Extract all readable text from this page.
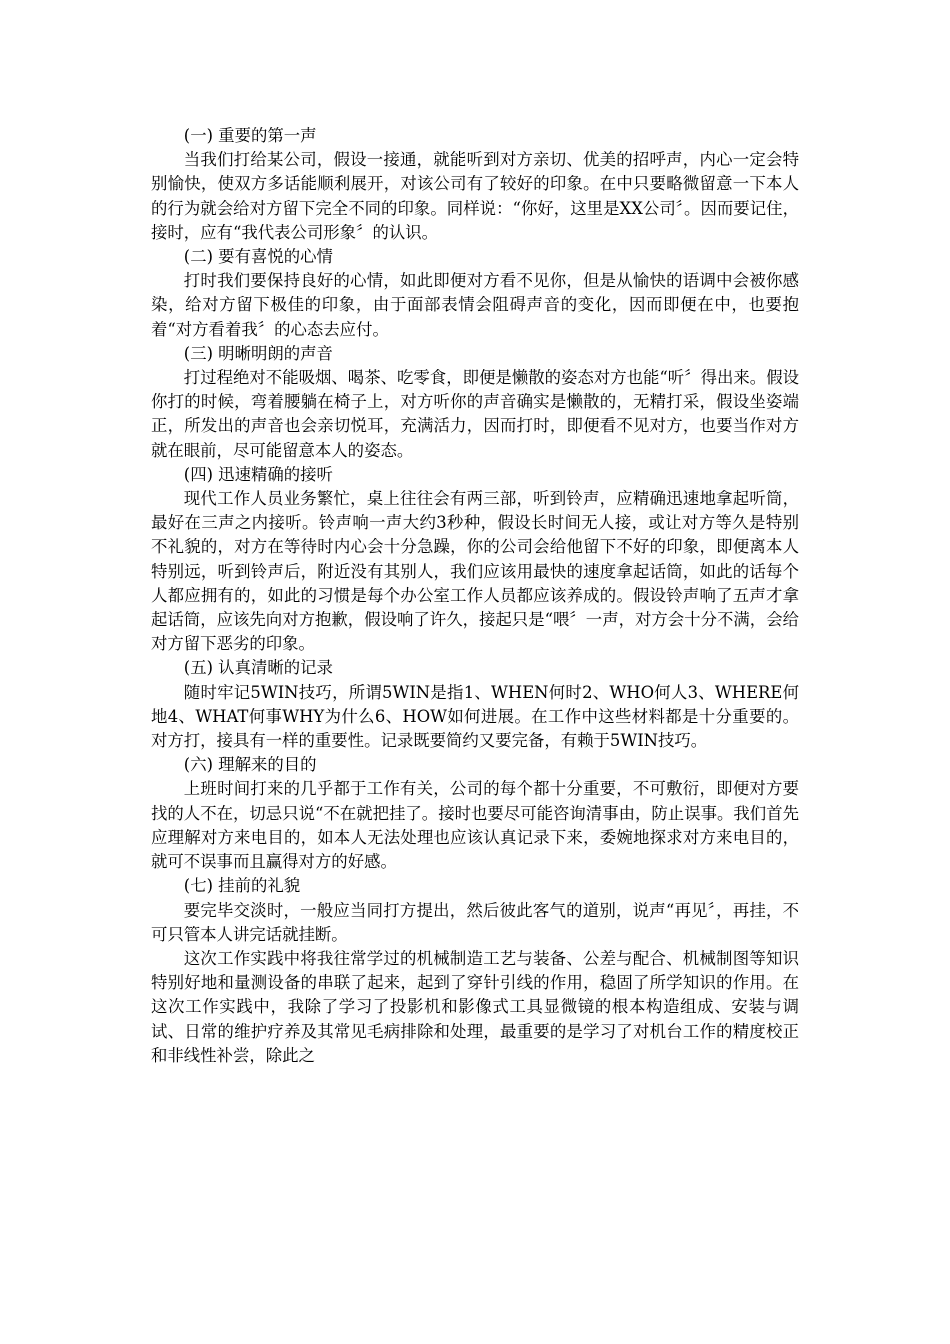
(一) 重要的第一声

当我们打给某公司，假设一接通，就能听到对方亲切、优美的招呼声，内心一定会特别愉快，使双方多话能顺利展开，对该公司有了较好的印象。在中只要略微留意一下本人的行为就会给对方留下完全不同的印象。同样说：“你好，这里是XX公司〞。因而要记住，接时，应有“我代表公司形象〞的认识。

(二) 要有喜悦的心情

打时我们要保持良好的心情，如此即便对方看不见你，但是从愉快的语调中会被你感染，给对方留下极佳的印象，由于面部表情会阻碍声音的变化，因而即便在中，也要抱着“对方看着我〞的心态去应付。

(三) 明晰明朗的声音

打过程绝对不能吸烟、喝茶、吃零食，即便是懒散的姿态对方也能“听〞得出来。假设你打的时候，弯着腰躺在椅子上，对方听你的声音确实是懒散的，无精打采，假设坐姿端正，所发出的声音也会亲切悦耳，充满活力，因而打时，即便看不见对方，也要当作对方就在眼前，尽可能留意本人的姿态。

(四) 迅速精确的接听

现代工作人员业务繁忙，桌上往往会有两三部，听到铃声，应精确迅速地拿起听筒，最好在三声之内接听。铃声响一声大约3秒种，假设长时间无人接，或让对方等久是特别不礼貌的，对方在等待时内心会十分急躁，你的公司会给他留下不好的印象，即便离本人特别远，听到铃声后，附近没有其别人，我们应该用最快的速度拿起话筒，如此的话每个人都应拥有的，如此的习惯是每个办公室工作人员都应该养成的。假设铃声响了五声才拿起话筒，应该先向对方抱歉，假设响了许久，接起只是“喂〞一声，对方会十分不满，会给对方留下恶劣的印象。

(五) 认真清晰的记录

随时牢记5WIN技巧，所谓5WIN是指1、WHEN何时2、WHO何人3、WHERE何地4、WHAT何事WHY为什么6、HOW如何进展。在工作中这些材料都是十分重要的。对方打，接具有一样的重要性。记录既要简约又要完备，有赖于5WIN技巧。

(六) 理解来的目的

上班时间打来的几乎都于工作有关，公司的每个都十分重要，不可敷衍，即便对方要找的人不在，切忌只说“不在就把挂了。接时也要尽可能咨询清事由，防止误事。我们首先应理解对方来电目的，如本人无法处理也应该认真记录下来，委婉地探求对方来电目的，就可不误事而且赢得对方的好感。

(七) 挂前的礼貌

要完毕交淡时，一般应当同打方提出，然后彼此客气的道别，说声“再见〞，再挂，不可只管本人讲完话就挂断。

这次工作实践中将我往常学过的机械制造工艺与装备、公差与配合、机械制图等知识特别好地和量测设备的串联了起来，起到了穿针引线的作用，稳固了所学知识的作用。在这次工作实践中，我除了学习了投影机和影像式工具显微镜的根本构造组成、安装与调试、日常的维护疗养及其常见毛病排除和处理，最重要的是学习了对机台工作的精度校正和非线性补尝，除此之
